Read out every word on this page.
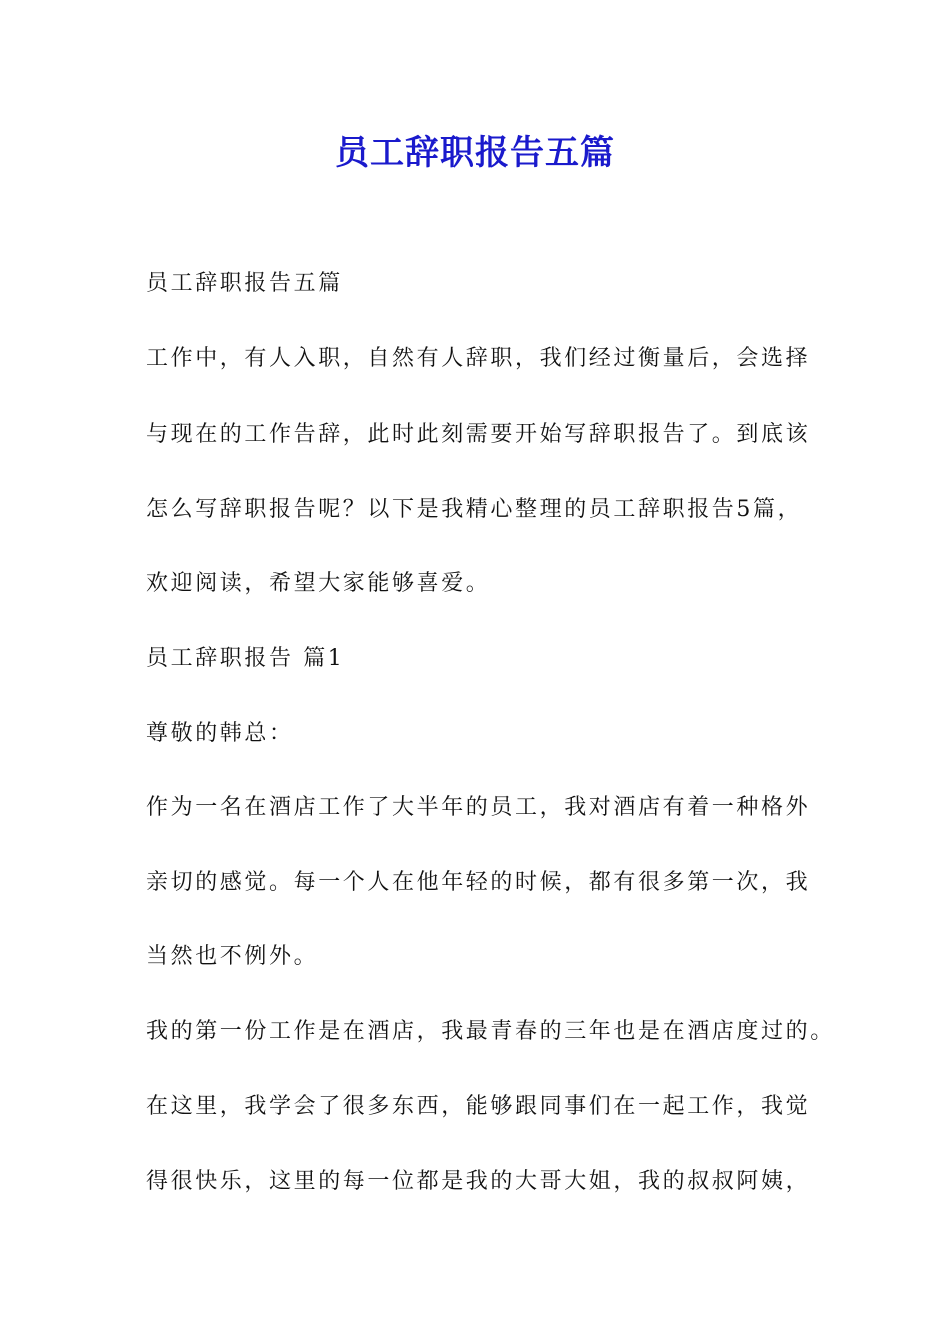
员工辞职报告五篇

员工辞职报告五篇

工作中，有人入职，自然有人辞职，我们经过衡量后，会选择

与现在的工作告辞，此时此刻需要开始写辞职报告了。到底该

怎么写辞职报告呢？以下是我精心整理的员工辞职报告5篇，

欢迎阅读，希望大家能够喜爱。

员工辞职报告 篇1

尊敬的韩总：

作为一名在酒店工作了大半年的员工，我对酒店有着一种格外

亲切的感觉。每一个人在他年轻的时候，都有很多第一次，我

当然也不例外。

我的第一份工作是在酒店，我最青春的三年也是在酒店度过的。

在这里，我学会了很多东西，能够跟同事们在一起工作，我觉

得很快乐，这里的每一位都是我的大哥大姐，我的叔叔阿姨，
